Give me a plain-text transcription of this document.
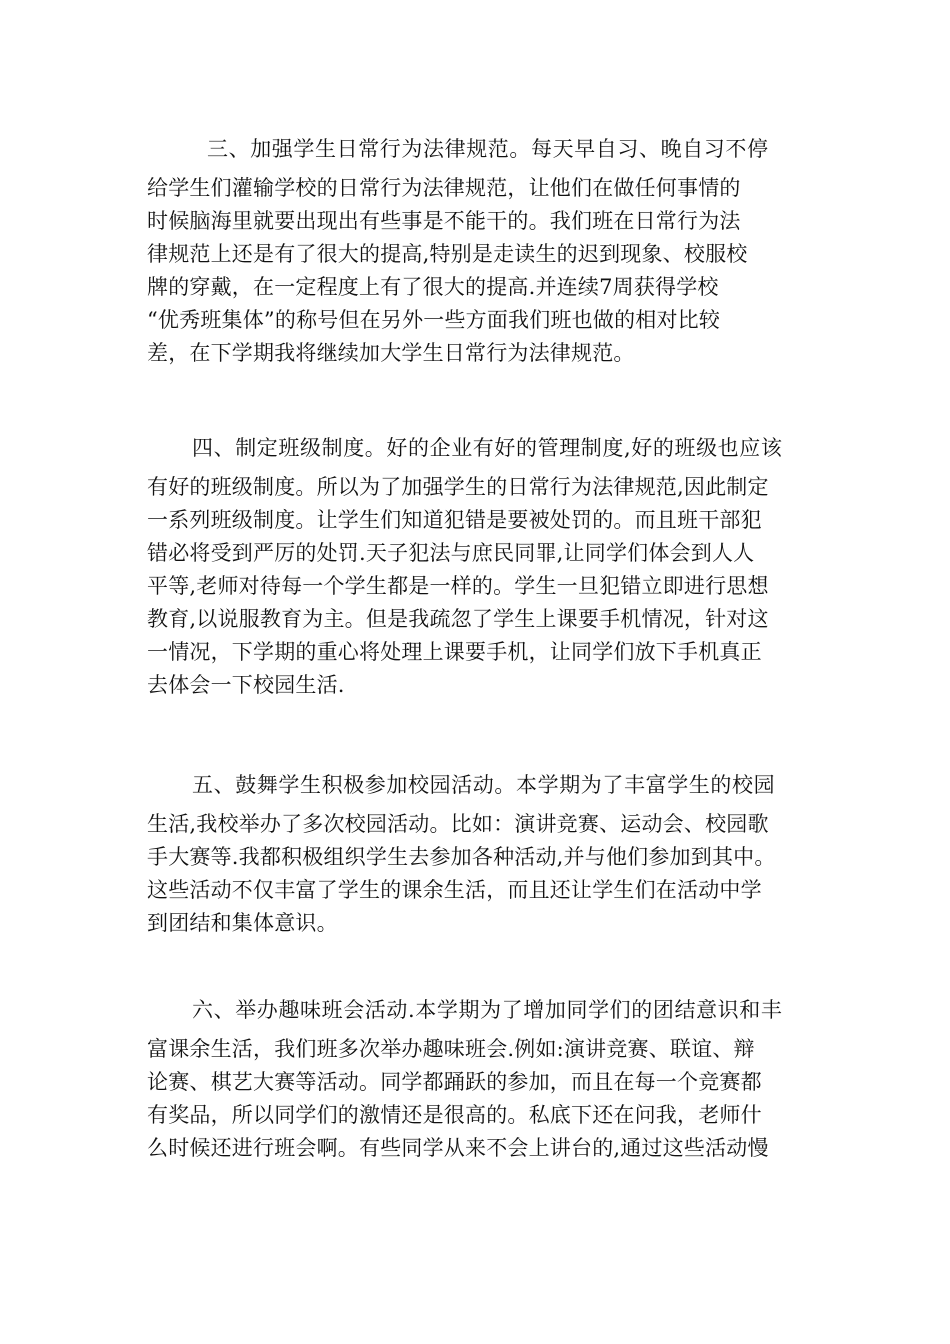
三、加强学生日常行为法律规范。每天早自习、晚自习不停
给学生们灌输学校的日常行为法律规范，让他们在做任何事情的
时候脑海里就要出现出有些事是不能干的。我们班在日常行为法
律规范上还是有了很大的提高,特别是走读生的迟到现象、校服校
牌的穿戴，在一定程度上有了很大的提高.并连续7周获得学校
“优秀班集体”的称号但在另外一些方面我们班也做的相对比较
差，在下学期我将继续加大学生日常行为法律规范。
四、制定班级制度。好的企业有好的管理制度,好的班级也应该
有好的班级制度。所以为了加强学生的日常行为法律规范,因此制定
一系列班级制度。让学生们知道犯错是要被处罚的。而且班干部犯
错必将受到严厉的处罚.天子犯法与庶民同罪,让同学们体会到人人
平等,老师对待每一个学生都是一样的。学生一旦犯错立即进行思想
教育,以说服教育为主。但是我疏忽了学生上课要手机情况，针对这
一情况，下学期的重心将处理上课要手机，让同学们放下手机真正
去体会一下校园生活.
五、鼓舞学生积极参加校园活动。本学期为了丰富学生的校园
生活,我校举办了多次校园活动。比如：演讲竞赛、运动会、校园歌
手大赛等.我都积极组织学生去参加各种活动,并与他们参加到其中。
这些活动不仅丰富了学生的课余生活，而且还让学生们在活动中学
到团结和集体意识。
六、举办趣味班会活动.本学期为了增加同学们的团结意识和丰
富课余生活，我们班多次举办趣味班会.例如:演讲竞赛、联谊、辩
论赛、棋艺大赛等活动。同学都踊跃的参加，而且在每一个竞赛都
有奖品，所以同学们的激情还是很高的。私底下还在问我，老师什
么时候还进行班会啊。有些同学从来不会上讲台的,通过这些活动慢
